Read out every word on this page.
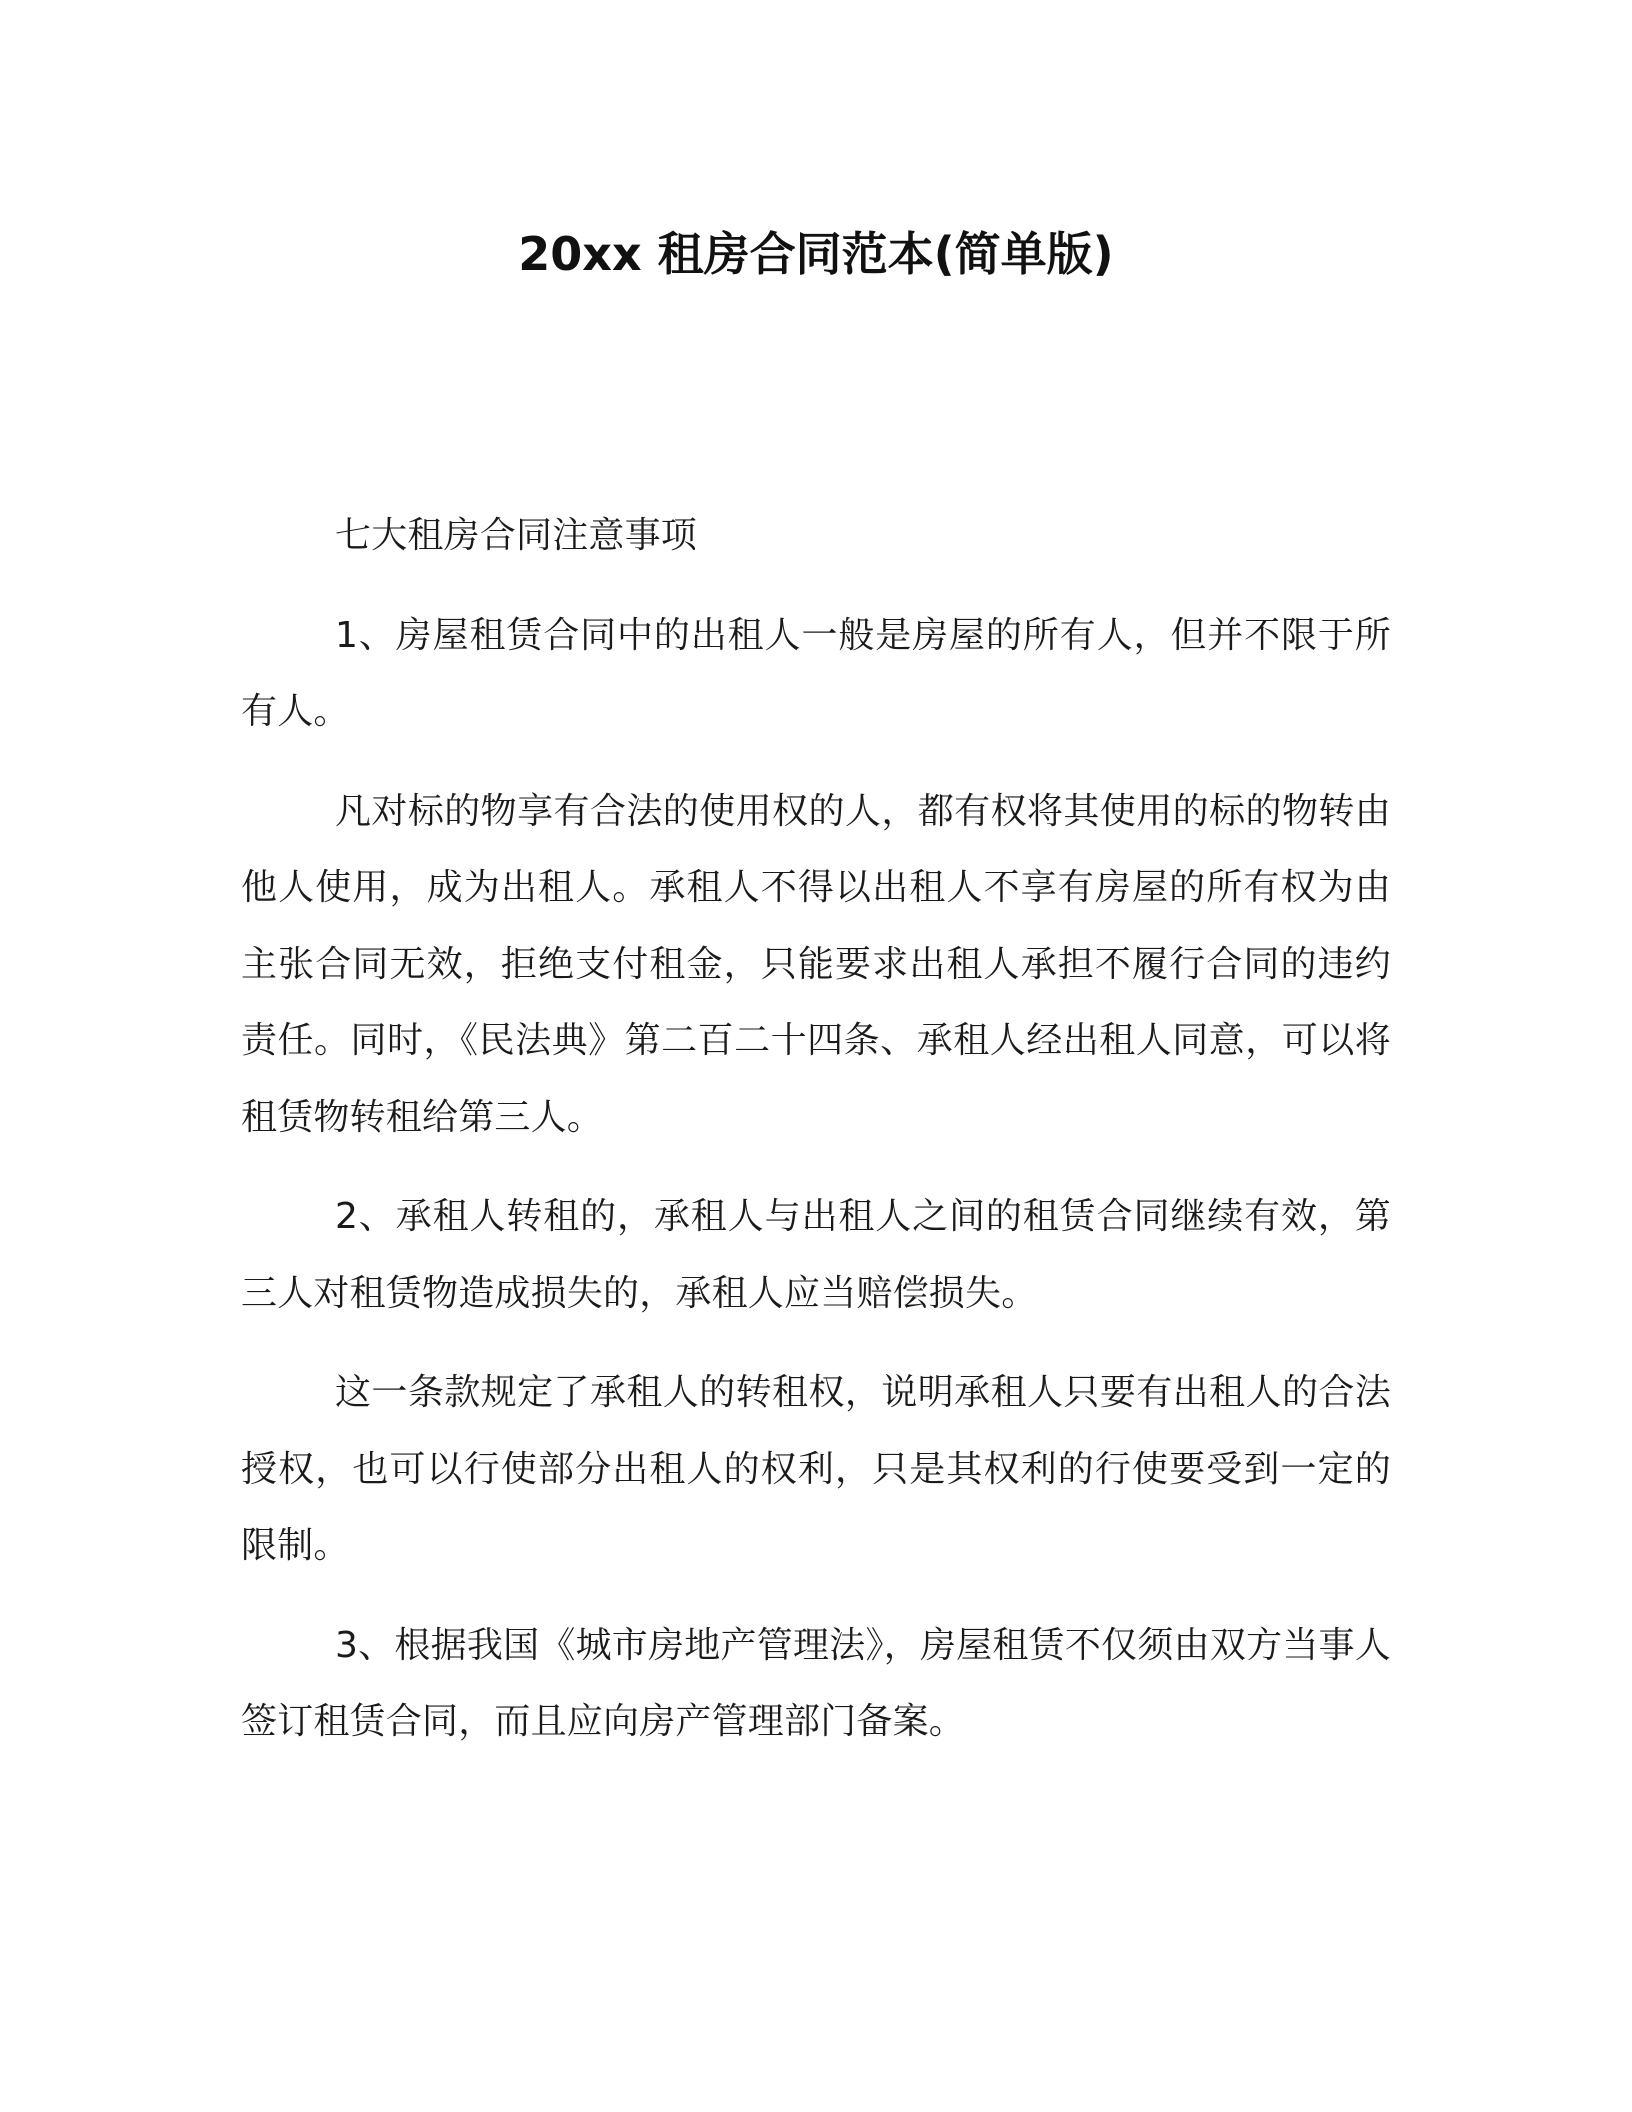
20xx 租房合同范本(简单版)

七大租房合同注意事项

1、房屋租赁合同中的出租人一般是房屋的所有人，但并不限于所有人。

凡对标的物享有合法的使用权的人，都有权将其使用的标的物转由他人使用，成为出租人。承租人不得以出租人不享有房屋的所有权为由主张合同无效，拒绝支付租金，只能要求出租人承担不履行合同的违约责任。同时，《民法典》第二百二十四条、承租人经出租人同意，可以将租赁物转租给第三人。

2、承租人转租的，承租人与出租人之间的租赁合同继续有效，第三人对租赁物造成损失的，承租人应当赔偿损失。

这一条款规定了承租人的转租权，说明承租人只要有出租人的合法授权，也可以行使部分出租人的权利，只是其权利的行使要受到一定的限制。

3、根据我国《城市房地产管理法》，房屋租赁不仅须由双方当事人签订租赁合同，而且应向房产管理部门备案。
